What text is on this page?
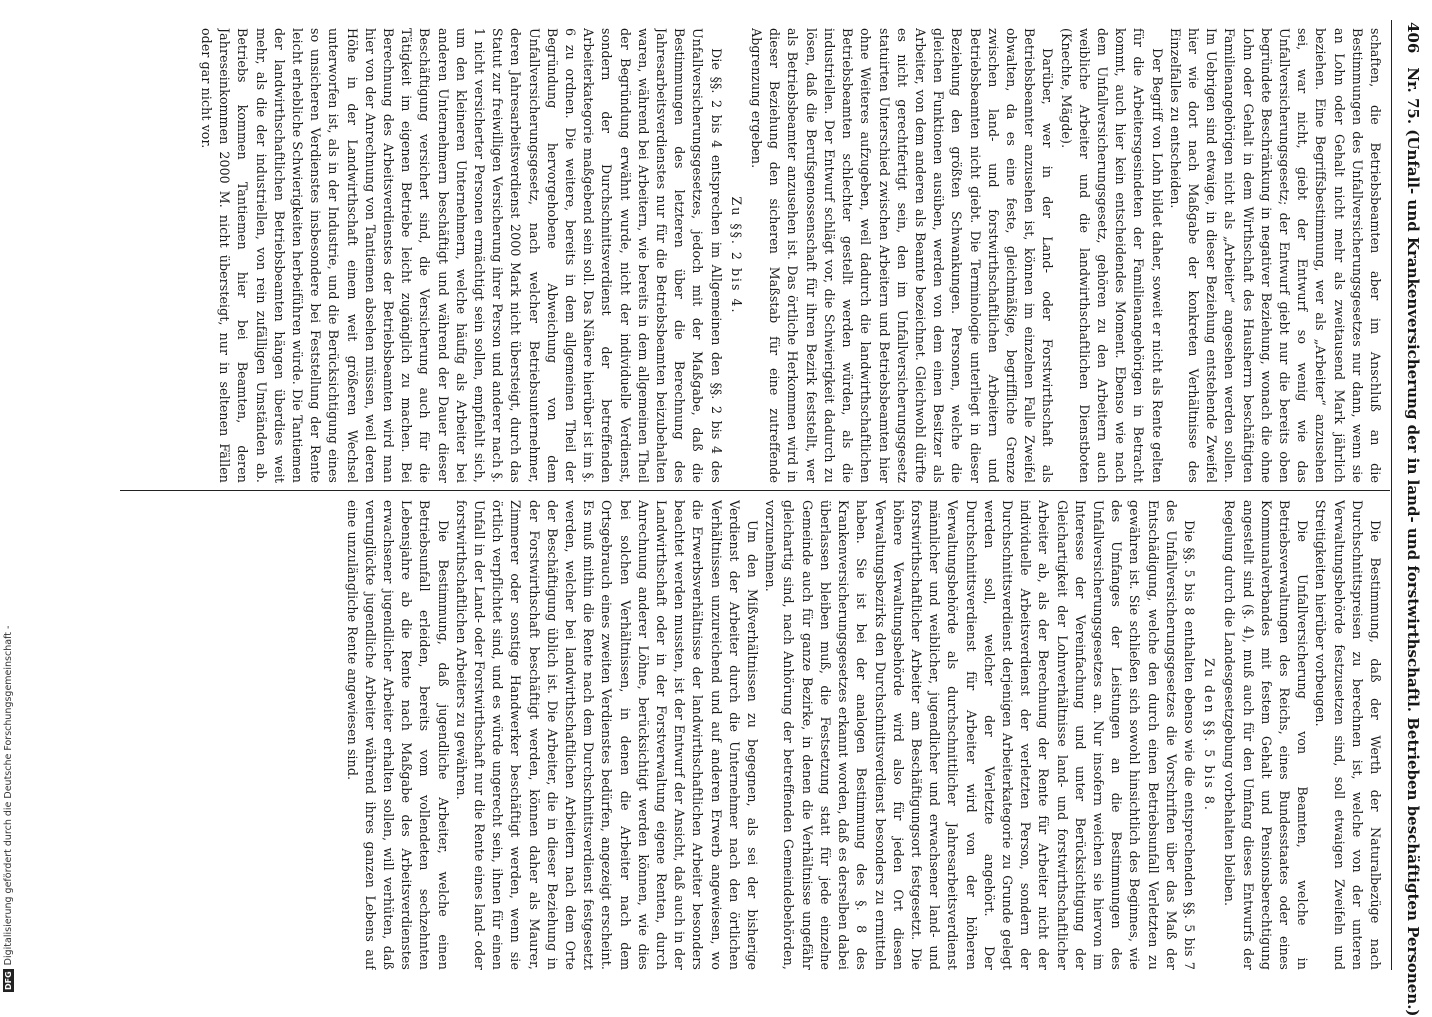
DFGDigitalisierung gefördert durch die Deutsche Forschungsgemeinschaft -
406Nr. 75. (Unfall- und Krankenversicherung der in land- und forstwirthschaftl. Betrieben beschäftigten Personen.)

schaften, die Betriebsbeamten aber im Anschluß an die Bestimmungen des Unfallversicherungsgesetzes nur dann, wenn sie an Lohn oder Gehalt nicht mehr als zweitausend Mark jährlich beziehen. Eine Begriffsbestimmung, wer als „Arbeiter“ anzusehen sei, war nicht, giebt der Entwurf so wenig wie das Unfallversicherungsgesetz; der Entwurf giebt nur die bereits oben begründete Beschränkung in negativer Beziehung, wonach die ohne Lohn oder Gehalt in dem Wirthschaft des Hausherrn beschäftigten Familienangehörigen nicht als „Arbeiter“ angesehen werden sollen. Im Uebrigen sind etwaige, in dieser Beziehung entstehende Zweifel hier wie dort nach Maßgabe der konkreten Verhältnisse des Einzelfalles zu entscheiden.

Der Begriff von Lohn bildet daher, soweit er nicht als Rente gelten für die Arbeitersgesindeten der Familienangehörigen in Betracht kommt, auch hier kein entscheidendes Moment. Ebenso wie nach dem Unfallversicherungsgesetz, gehören zu den Arbeitern auch weibliche Arbeiter und die landwirthschaftlichen Dienstboten (Knechte, Mägde).

Darüber, wer in der Land- oder Forstwirthschaft als Betriebsbeamter anzusehen ist, können im einzelnen Falle Zweifel obwalten, da es eine feste, gleichmäßige, begriffliche Grenze zwischen land- und forstwirthschaftlichen Arbeitern und Betriebsbeamten nicht giebt. Die Terminologie unterliegt in dieser Beziehung den größten Schwankungen. Personen, welche die gleichen Funktionen ausüben, werden von dem einen Besitzer als Arbeiter, von dem anderen als Beamte bezeichnet. Gleichwohl dürfte es nicht gerechtfertigt sein, den im Unfallversicherungsgesetz statuirten Unterschied zwischen Arbeitern und Betriebsbeamten hier ohne Weiteres aufzugeben, weil dadurch die landwirthschaftlichen Betriebsbeamten schlechter gestellt werden würden, als die industriellen. Der Entwurf schlägt vor, die Schwierigkeit dadurch zu lösen, daß die Berufsgenossenschaft für ihren Bezirk feststellt, wer als Betriebsbeamter anzusehen ist. Das örtliche Herkommen wird in dieser Beziehung den sicheren Maßstab für eine zutreffende Abgrenzung ergeben.

Zu §§. 2 bis 4.

Die §§. 2 bis 4 entsprechen im Allgemeinen den §§. 2 bis 4 des Unfallversicherungsgesetzes, jedoch mit der Maßgabe, daß die Bestimmungen des letzteren über die Berechnung des Jahresarbeitsverdienstes nur für die Betriebsbeamten beizubehalten waren, während bei Arbeitern, wie bereits in dem allgemeinen Theil der Begründung erwähnt wurde, nicht der individuelle Verdienst, sondern der Durchschnittsverdienst der betreffenden Arbeiterkategorie maßgebend sein soll. Das Nähere hierüber ist im §. 6 zu ordnen. Die weitere, bereits in dem allgemeinen Theil der Begründung hervorgehobene Abweichung von dem Unfallversicherungsgesetz, nach welcher Betriebsunternehmer, deren Jahresarbeitsverdienst 2000 Mark nicht übersteigt, durch das Statut zur freiwilligen Versicherung ihrer Person und anderer nach §. 1 nicht versicherter Personen ermächtigt sein sollen, empfiehlt sich, um den kleineren Unternehmern, welche häufig als Arbeiter bei anderen Unternehmern beschäftigt und während der Dauer dieser Beschäftigung versichert sind, die Versicherung auch für die Tätigkeit im eigenen Betriebe leicht zugänglich zu machen. Bei Berechnung des Arbeitsverdienstes der Betriebsbeamten wird man hier von der Anrechnung von Tantiemen absehen müssen, weil deren Höhe in der Landwirthschaft einem weit größeren Wechsel unterworfen ist, als in der Industrie, und die Berücksichtigung eines so unsicheren Verdienstes insbesondere bei Feststellung der Rente leicht erhebliche Schwierigkeiten herbeiführen würde. Die Tantiemen der landwirthschaftlichen Betriebsbeamten hängen überdies weit mehr, als die der industriellen, von rein zufälligen Umständen ab. Betriebs kommen Tantiemen hier bei Beamten, deren Jahreseinkommen 2000 M. nicht übersteigt, nur in seltenen Fällen oder gar nicht vor.

Die Bestimmung, daß der Werth der Naturalbezüge nach Durchschnittspreisen zu berechnen ist, welche von der unteren Verwaltungsbehörde festzusetzen sind, soll etwaigen Zweifeln und Streitigkeiten hierüber vorbeugen.

Die Unfallversicherung von Beamten, welche in Betriebsverwaltungen des Reichs, eines Bundesstaates oder eines Kommunalverbandes mit festem Gehalt und Pensionsberechtigung angestellt sind (§. 4), muß auch für den Umfang dieses Entwurfs der Regelung durch die Landesgesetzgebung vorbehalten bleiben.

Zu den §§. 5 bis 8.

Die §§. 5 bis 8 enthalten ebenso wie die entsprechenden §§. 5 bis 7 des Unfallversicherungsgesetzes die Vorschriften über das Maß der Entschädigung, welche den durch einen Betriebsunfall Verletzten zu gewähren ist. Sie schließen sich sowohl hinsichtlich des Beginnes, wie des Umfanges der Leistungen an die Bestimmungen des Unfallversicherungsgesetzes an. Nur insofern weichen sie hiervon im Interesse der Vereinfachung und unter Berücksichtigung der Gleichartigkeit der Lohnverhältnisse land- und forstwirthschaftlicher Arbeiter ab, als der Berechnung der Rente für Arbeiter nicht der individuelle Arbeitsverdienst der verletzten Person, sondern der Durchschnittsverdienst derjenigen Arbeiterkategorie zu Grunde gelegt werden soll, welcher der Verletzte angehört. Der Durchschnittsverdienst für Arbeiter wird von der höheren Verwaltungsbehörde als durchschnittlicher Jahresarbeitsverdienst männlicher und weiblicher, jugendlicher und erwachsener land- und forstwirthschaftlicher Arbeiter am Beschäftigungsort festgesetzt. Die höhere Verwaltungsbehörde wird also für jeden Ort diesen Verwaltungsbezirks den Durchschnittsverdienst besonders zu ermitteln haben. Sie ist bei der analogen Bestimmung des §. 8 des Krankenversicherungsgesetzes erkannt worden, daß es derselben dabei überlassen bleiben muß, die Festsetzung statt für jede einzelne Gemeinde auch für ganze Bezirke, in denen die Verhältnisse ungefähr gleichartig sind, nach Anhörung der betreffenden Gemeindebehörden, vorzunehmen.

Um den Mißverhältnissen zu begegnen, als sei der bisherige Verdienst der Arbeiter durch die Unternehmer nach den örtlichen Verhältnissen unzureichend und auf anderen Erwerb angewiesen, wo die Erwerbsverhältnisse der landwirthschaftlichen Arbeiter besonders beachtet werden mussten, ist der Entwurf der Ansicht, daß auch in der Landwirthschaft oder in der Forstverwaltung eigene Renten, durch Anrechnung anderer Löhne, berücksichtigt werden können, wie dies bei solchen Verhältnissen, in denen die Arbeiter nach dem Ortsgebrauch eines zweiten Verdienstes bedürfen, angezeigt erscheint. Es muß mithin die Rente nach dem Durchschnittsverdienst festgesetzt werden, welcher bei landwirthschaftlichen Arbeitern nach dem Orte der Beschäftigung üblich ist. Die Arbeiter, die in dieser Beziehung in der Forstwirthschaft beschäftigt werden, können daher als Maurer, Zimmerer oder sonstige Handwerker beschäftigt werden, wenn sie örtlich verpflichtet sind, und es würde ungerecht sein, ihnen für einen Unfall in der Land- oder Forstwirthschaft nur die Rente eines land- oder forstwirthschaftlichen Arbeiters zu gewähren.

Die Bestimmung, daß jugendliche Arbeiter, welche einen Betriebsunfall erleiden, bereits vom vollendeten sechzehnten Lebensjahre ab die Rente nach Maßgabe des Arbeitsverdienstes erwachsener jugendlicher Arbeiter erhalten sollen, will verhüten, daß verunglückte jugendliche Arbeiter während ihres ganzen Lebens auf eine unzulängliche Rente angewiesen sind.
